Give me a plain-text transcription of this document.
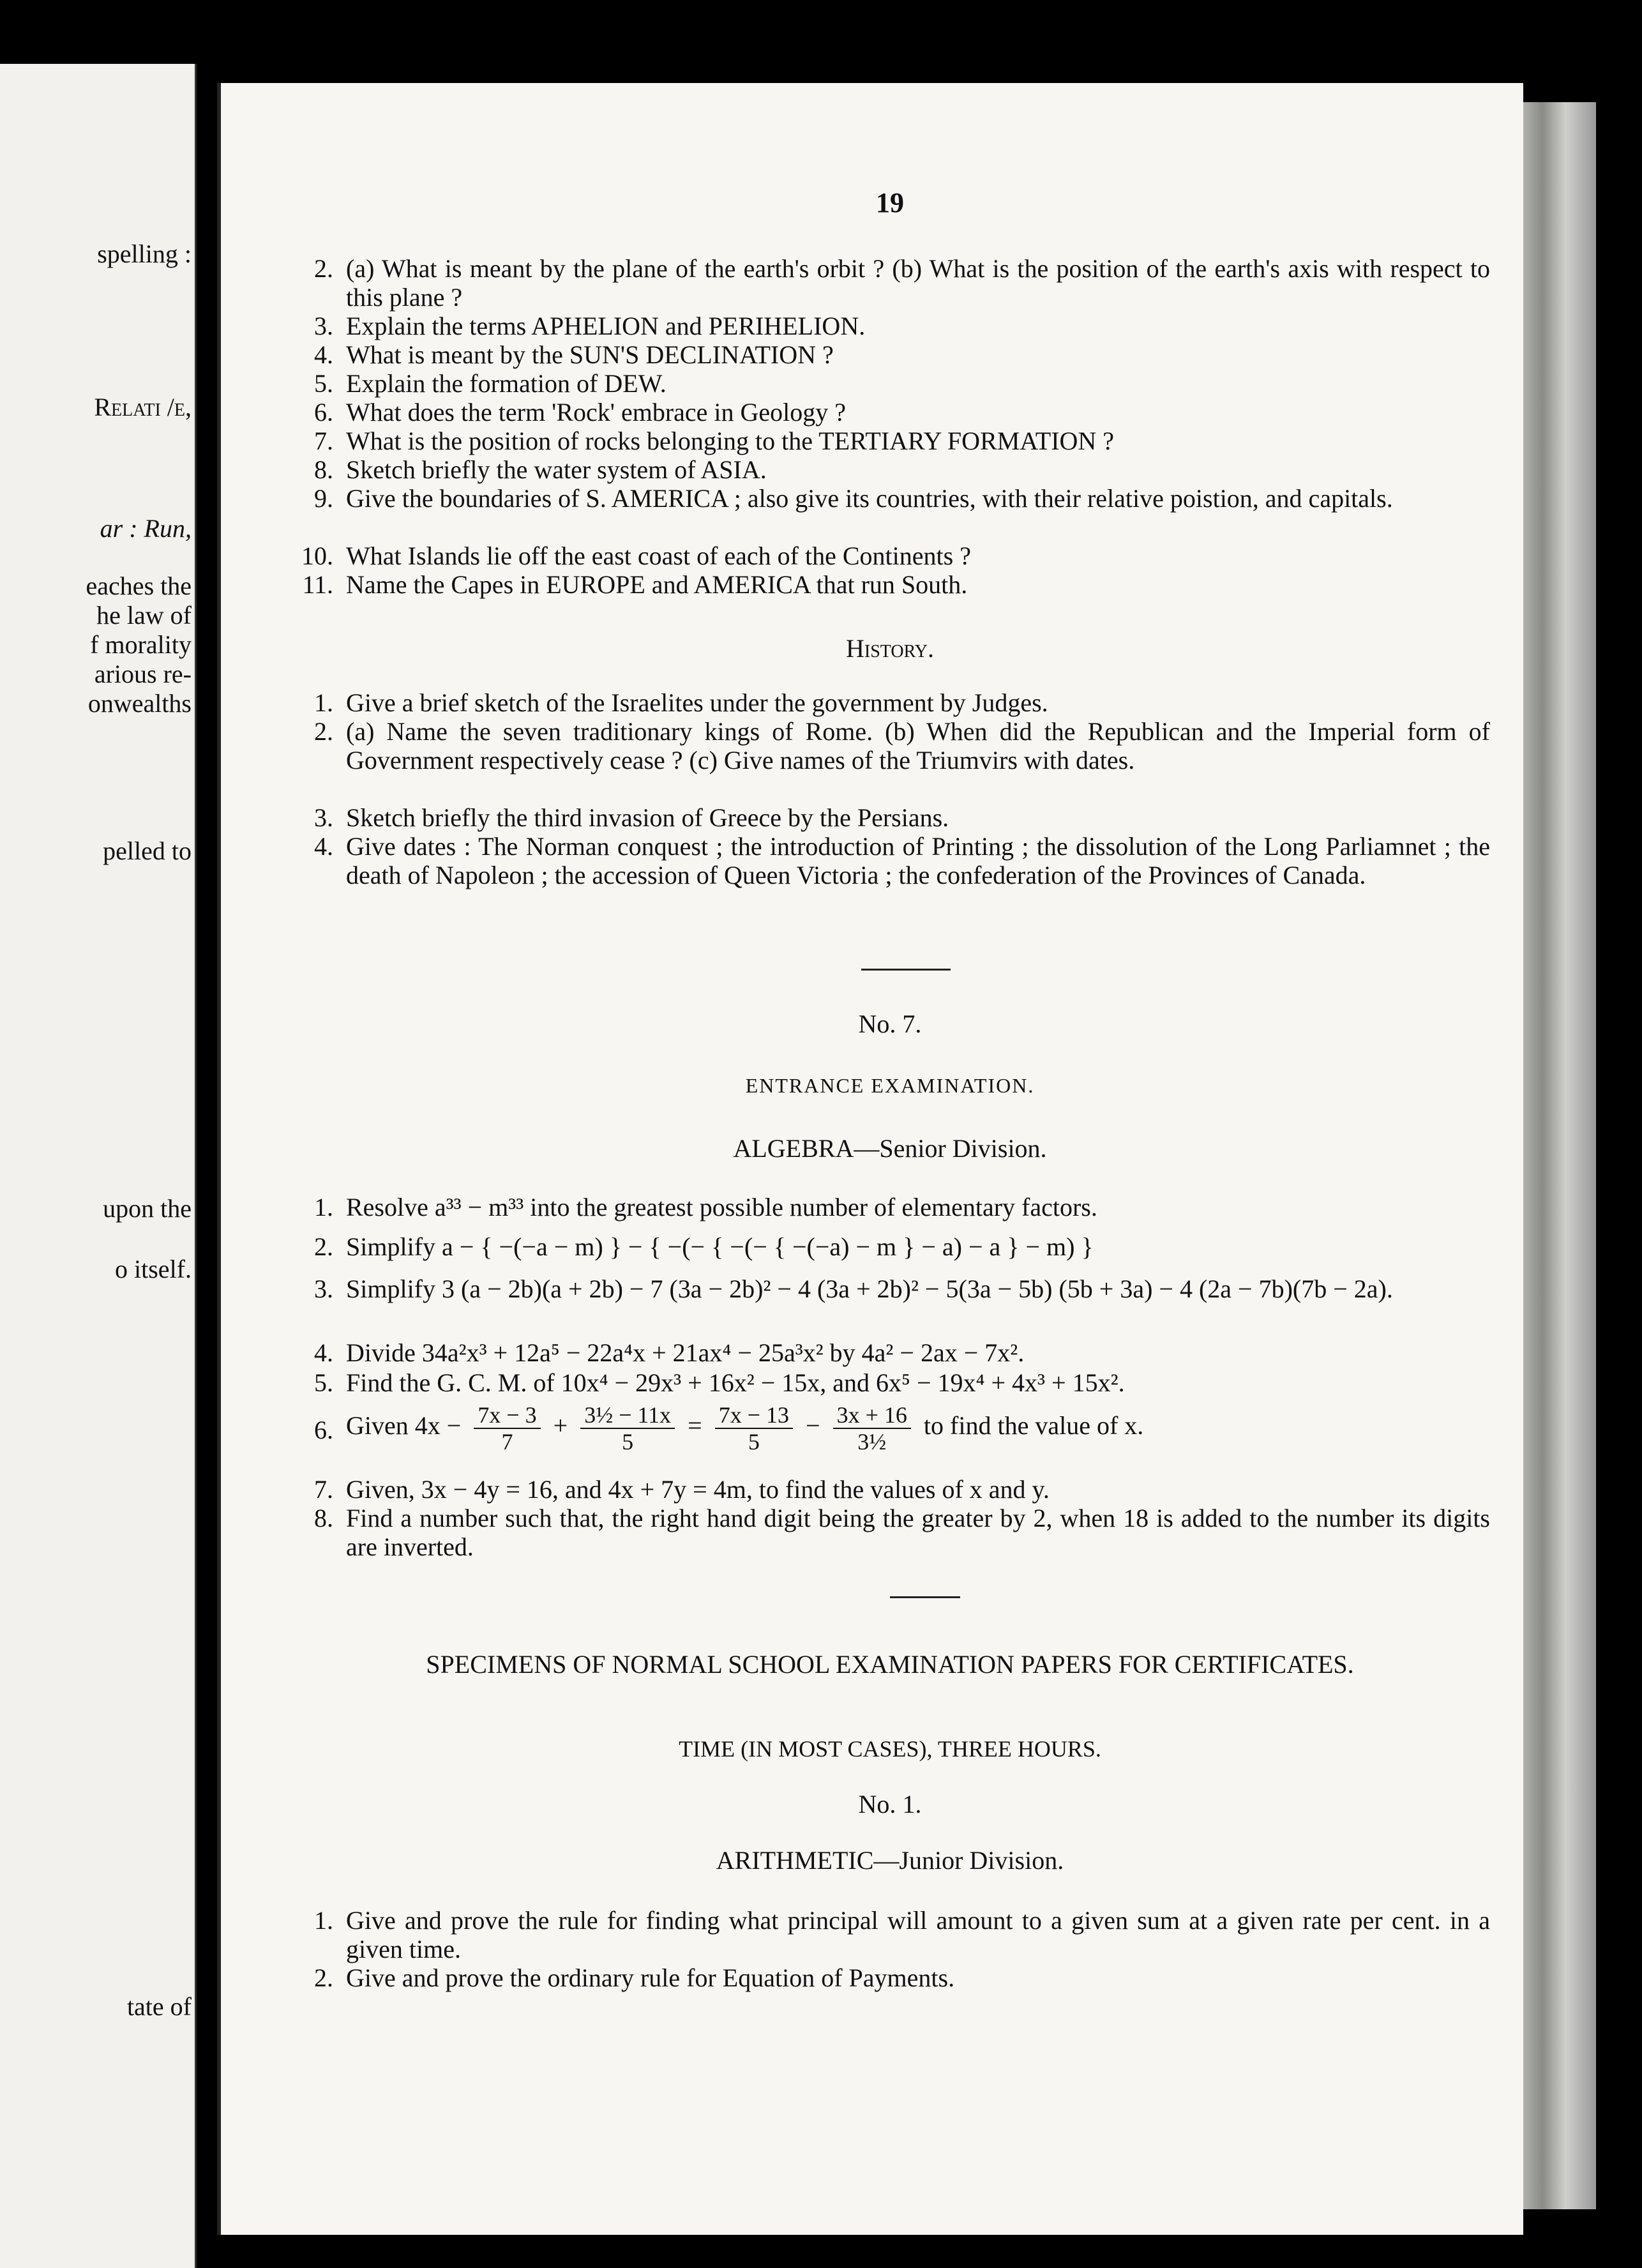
spelling :
Relati /e,
ar : Run,
eaches the
he law of
f morality
arious re-
onwealths
pelled to
upon the
o itself.
tate of
19
2. (a) What is meant by the plane of the earth's orbit ? (b) What is the position of the earth's axis with respect to this plane ?
3. Explain the terms APHELION and PERIHELION.
4. What is meant by the SUN'S DECLINATION ?
5. Explain the formation of DEW.
6. What does the term 'Rock' embrace in Geology ?
7. What is the position of rocks belonging to the TERTIARY FORMATION ?
8. Sketch briefly the water system of ASIA.
9. Give the boundaries of S. AMERICA ; also give its countries, with their relative poistion, and capitals.
10. What Islands lie off the east coast of each of the Continents ?
11. Name the Capes in EUROPE and AMERICA that run South.
History.
1. Give a brief sketch of the Israelites under the government by Judges.
2. (a) Name the seven traditionary kings of Rome. (b) When did the Republican and the Imperial form of Government respectively cease ? (c) Give names of the Triumvirs with dates.
3. Sketch briefly the third invasion of Greece by the Persians.
4. Give dates : The Norman conquest ; the introduction of Printing ; the dissolution of the Long Parliamnet ; the death of Napoleon ; the accession of Queen Victoria ; the confederation of the Provinces of Canada.
No. 7.
ENTRANCE EXAMINATION.
ALGEBRA—Senior Division.
1. Resolve a³³ − m³³ into the greatest possible number of elementary factors.
2. Simplify a − { −(−a − m) } − { −(− { −(− { −(−a) − m } − a) − a } − m) }
3. Simplify 3 (a − 2b)(a + 2b) − 7 (3a − 2b)² − 4 (3a + 2b)² − 5(3a − 5b) (5b + 3a) − 4 (2a − 7b)(7b − 2a).
4. Divide 34a²x³ + 12a⁵ − 22a⁴x + 21ax⁴ − 25a³x² by 4a² − 2ax − 7x².
5. Find the G. C. M. of 10x⁴ − 29x³ + 16x² − 15x, and 6x⁵ − 19x⁴ + 4x³ + 15x².
6. Given $4x - \frac{7x - 3}{7} + \frac{\text{3½ − 11x}}{5} = \frac{7x - 13}{5} - \frac{3x + 16}{\text{3½}}$ to find the value of x.
7. Given, 3x − 4y = 16, and 4x + 7y = 4m, to find the values of x and y.
8. Find a number such that, the right hand digit being the greater by 2, when 18 is added to the number its digits are inverted.
SPECIMENS OF NORMAL SCHOOL EXAMINATION PAPERS FOR CERTIFICATES.
TIME (IN MOST CASES), THREE HOURS.
No. 1.
ARITHMETIC—Junior Division.
1. Give and prove the rule for finding what principal will amount to a given sum at a given rate per cent. in a given time.
2. Give and prove the ordinary rule for Equation of Payments.
